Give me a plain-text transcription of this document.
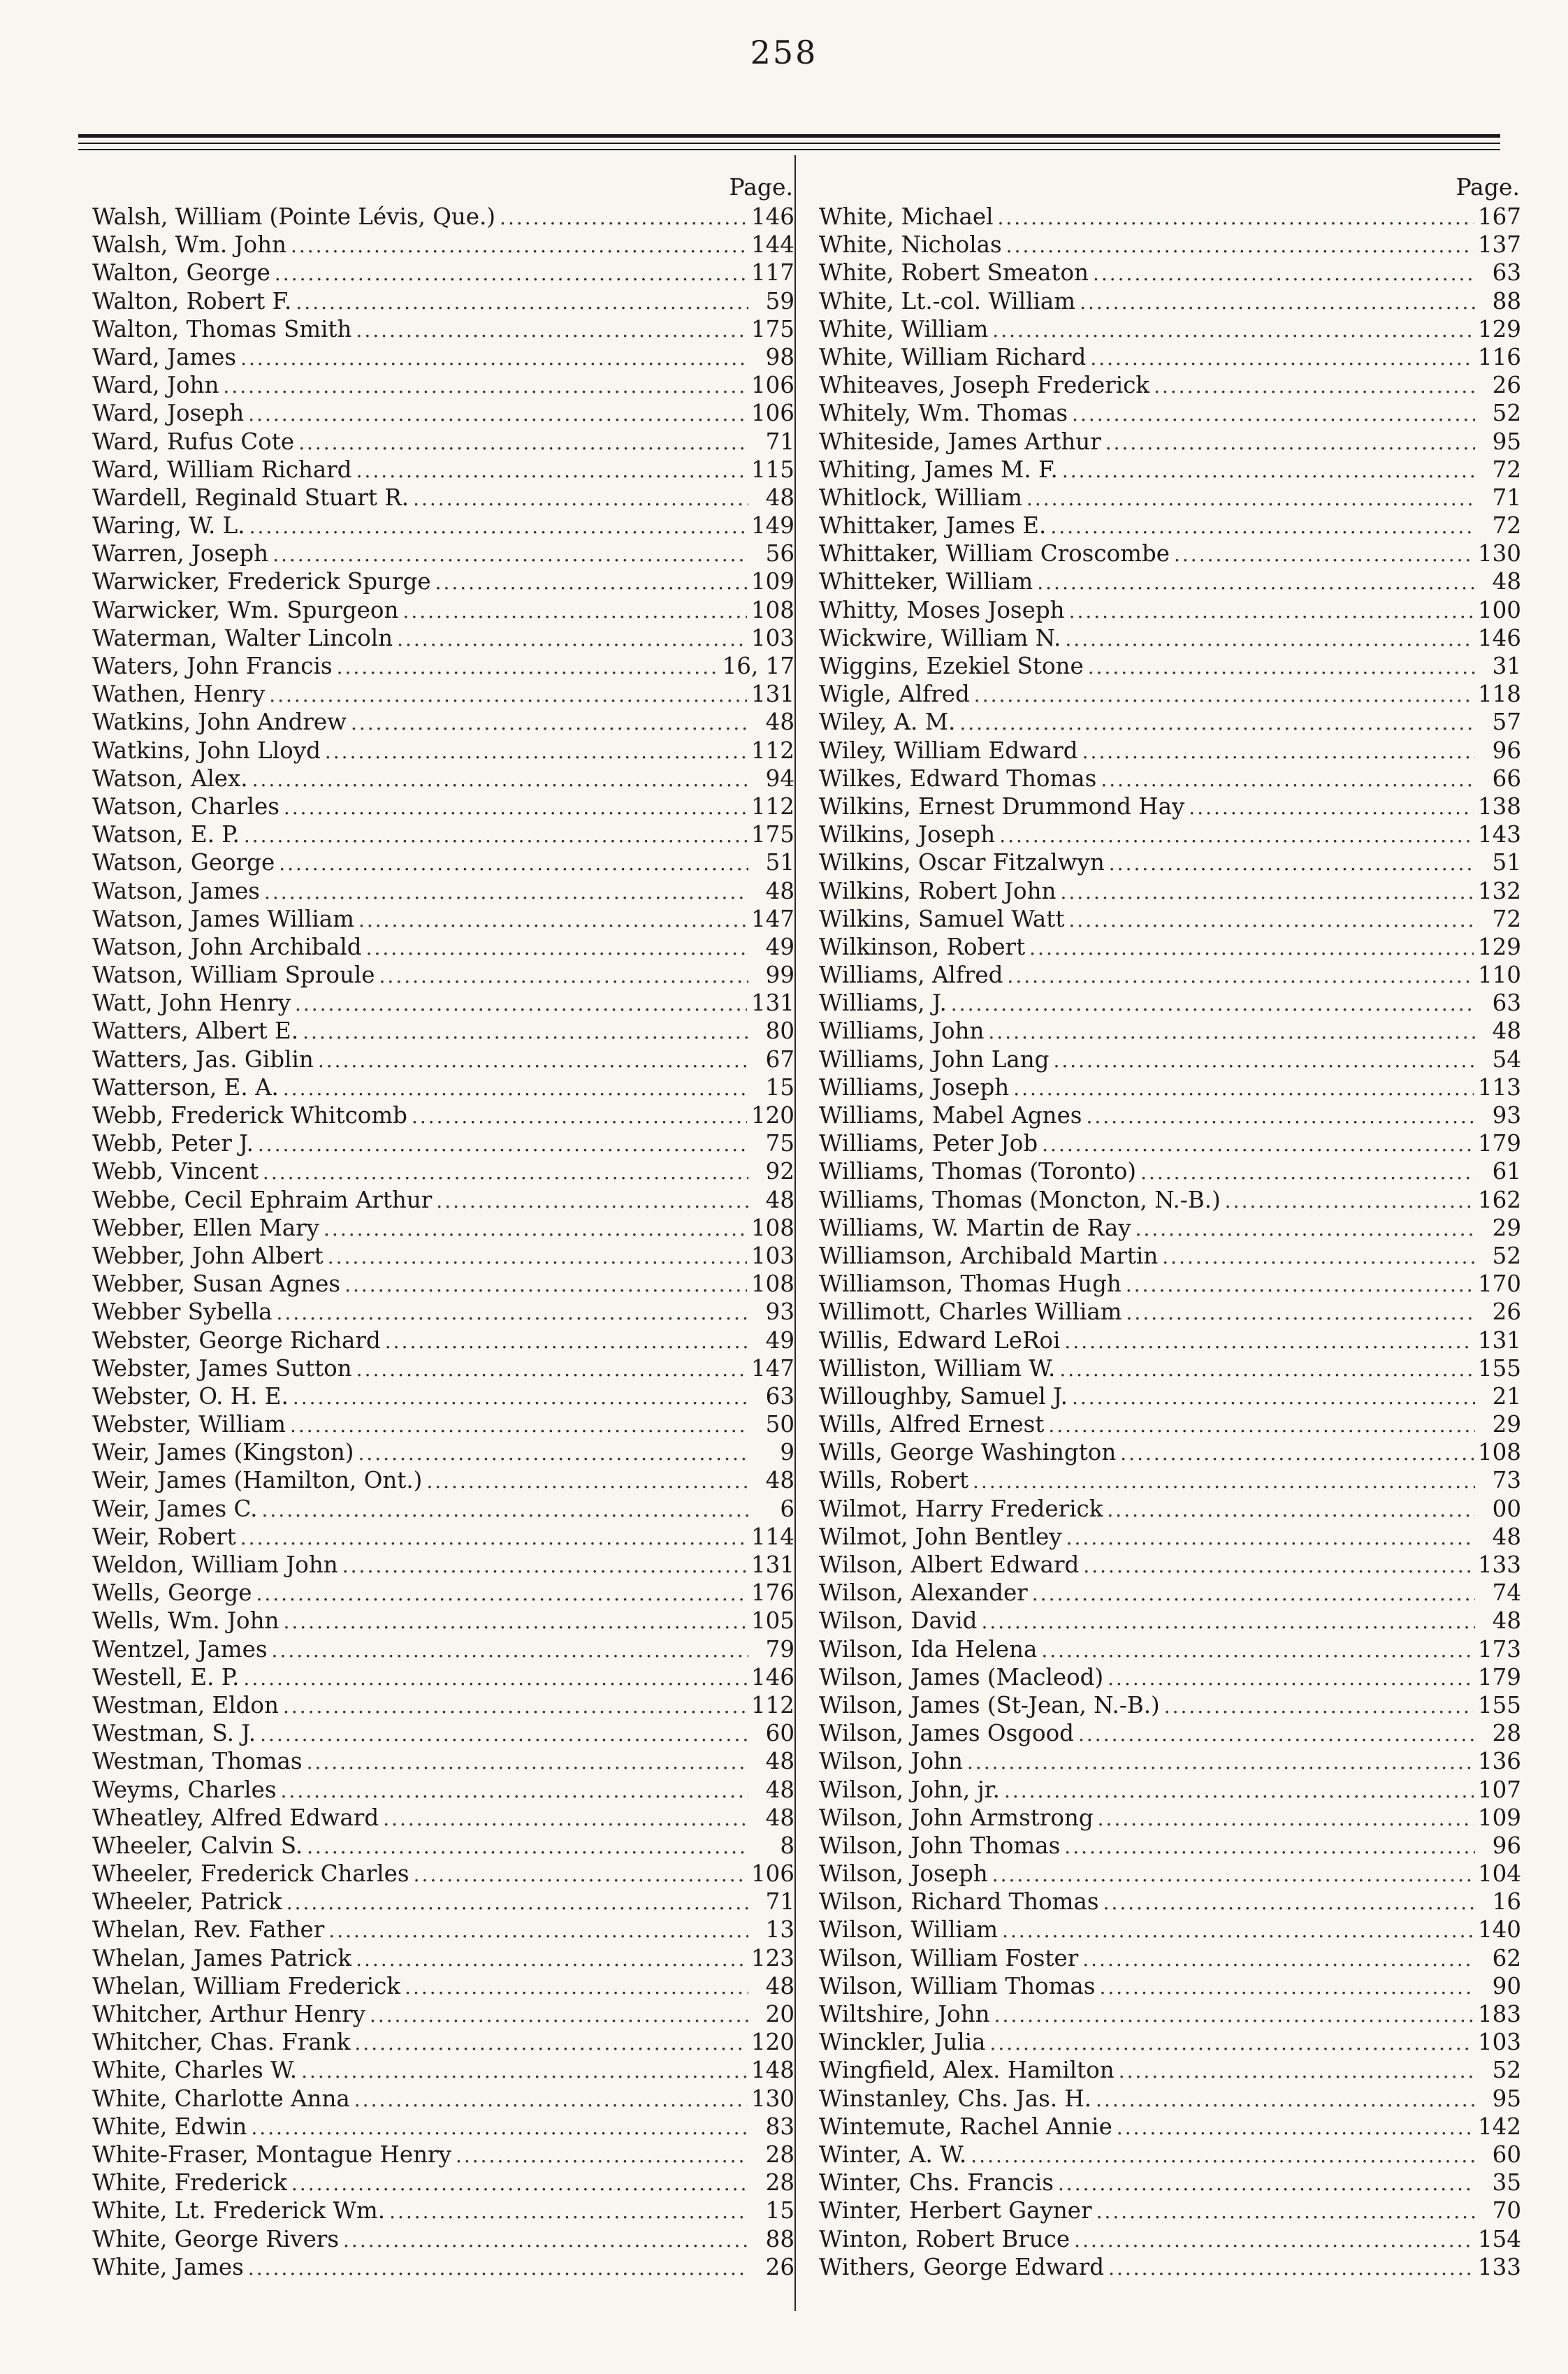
258
Page.
Walsh, William (Pointe Lévis, Que.) .....	146
Walsh, Wm. John .....	144
Walton, George .....	117
Walton, Robert F. .....	59
Walton, Thomas Smith .....	175
Ward, James .....	98
Ward, John .....	106
Ward, Joseph .....	106
Ward, Rufus Cote .....	71
Ward, William Richard .....	115
Wardell, Reginald Stuart R. .....	48
Waring, W. L. .....	149
Warren, Joseph .....	56
Warwicker, Frederick Spurge .....	109
Warwicker, Wm. Spurgeon .....	108
Waterman, Walter Lincoln .....	103
Waters, John Francis .....	16, 17
Wathen, Henry .....	131
Watkins, John Andrew .....	48
Watkins, John Lloyd .....	112
Watson, Alex. .....	94
Watson, Charles .....	112
Watson, E. P. .....	175
Watson, George .....	51
Watson, James .....	48
Watson, James William .....	147
Watson, John Archibald .....	49
Watson, William Sproule .....	99
Watt, John Henry .....	131
Watters, Albert E. .....	80
Watters, Jas. Giblin .....	67
Watterson, E. A. .....	15
Webb, Frederick Whitcomb .....	120
Webb, Peter J. .....	75
Webb, Vincent .....	92
Webbe, Cecil Ephraim Arthur .....	48
Webber, Ellen Mary .....	108
Webber, John Albert .....	103
Webber, Susan Agnes .....	108
Webber Sybella .....	93
Webster, George Richard .....	49
Webster, James Sutton .....	147
Webster, O. H. E. .....	63
Webster, William .....	50
Weir, James (Kingston) .....	9
Weir, James (Hamilton, Ont.) .....	48
Weir, James C. .....	6
Weir, Robert .....	114
Weldon, William John .....	131
Wells, George .....	176
Wells, Wm. John .....	105
Wentzel, James .....	79
Westell, E. P. .....	146
Westman, Eldon .....	112
Westman, S. J. .....	60
Westman, Thomas .....	48
Weyms, Charles .....	48
Wheatley, Alfred Edward .....	48
Wheeler, Calvin S. .....	8
Wheeler, Frederick Charles .....	106
Wheeler, Patrick .....	71
Whelan, Rev. Father .....	13
Whelan, James Patrick .....	123
Whelan, William Frederick .....	48
Whitcher, Arthur Henry .....	20
Whitcher, Chas. Frank .....	120
White, Charles W. .....	148
White, Charlotte Anna .....	130
White, Edwin .....	83
White-Fraser, Montague Henry .....	28
White, Frederick .....	28
White, Lt. Frederick Wm. .....	15
White, George Rivers .....	88
White, James .....	26
Page.
White, Michael .....	167
White, Nicholas .....	137
White, Robert Smeaton .....	63
White, Lt.-col. William .....	88
White, William .....	129
White, William Richard .....	116
Whiteaves, Joseph Frederick .....	26
Whitely, Wm. Thomas .....	52
Whiteside, James Arthur .....	95
Whiting, James M. F. .....	72
Whitlock, William .....	71
Whittaker, James E. .....	72
Whittaker, William Croscombe .....	130
Whitteker, William .....	48
Whitty, Moses Joseph .....	100
Wickwire, William N. .....	146
Wiggins, Ezekiel Stone .....	31
Wigle, Alfred .....	118
Wiley, A. M. .....	57
Wiley, William Edward .....	96
Wilkes, Edward Thomas .....	66
Wilkins, Ernest Drummond Hay .....	138
Wilkins, Joseph .....	143
Wilkins, Oscar Fitzalwyn .....	51
Wilkins, Robert John .....	132
Wilkins, Samuel Watt .....	72
Wilkinson, Robert .....	129
Williams, Alfred .....	110
Williams, J. .....	63
Williams, John .....	48
Williams, John Lang .....	54
Williams, Joseph .....	113
Williams, Mabel Agnes .....	93
Williams, Peter Job .....	179
Williams, Thomas (Toronto) .....	61
Williams, Thomas (Moncton, N.-B.) .....	162
Williams, W. Martin de Ray .....	29
Williamson, Archibald Martin .....	52
Williamson, Thomas Hugh .....	170
Willimott, Charles William .....	26
Willis, Edward LeRoi .....	131
Williston, William W. .....	155
Willoughby, Samuel J. .....	21
Wills, Alfred Ernest .....	29
Wills, George Washington .....	108
Wills, Robert .....	73
Wilmot, Harry Frederick .....	00
Wilmot, John Bentley .....	48
Wilson, Albert Edward .....	133
Wilson, Alexander .....	74
Wilson, David .....	48
Wilson, Ida Helena .....	173
Wilson, James (Macleod) .....	179
Wilson, James (St-Jean, N.-B.) .....	155
Wilson, James Osgood .....	28
Wilson, John .....	136
Wilson, John, jr. .....	107
Wilson, John Armstrong .....	109
Wilson, John Thomas .....	96
Wilson, Joseph .....	104
Wilson, Richard Thomas .....	16
Wilson, William .....	140
Wilson, William Foster .....	62
Wilson, William Thomas .....	90
Wiltshire, John .....	183
Winckler, Julia .....	103
Wingfield, Alex. Hamilton .....	52
Winstanley, Chs. Jas. H. .....	95
Wintemute, Rachel Annie .....	142
Winter, A. W. .....	60
Winter, Chs. Francis .....	35
Winter, Herbert Gayner .....	70
Winton, Robert Bruce .....	154
Withers, George Edward .....	133
